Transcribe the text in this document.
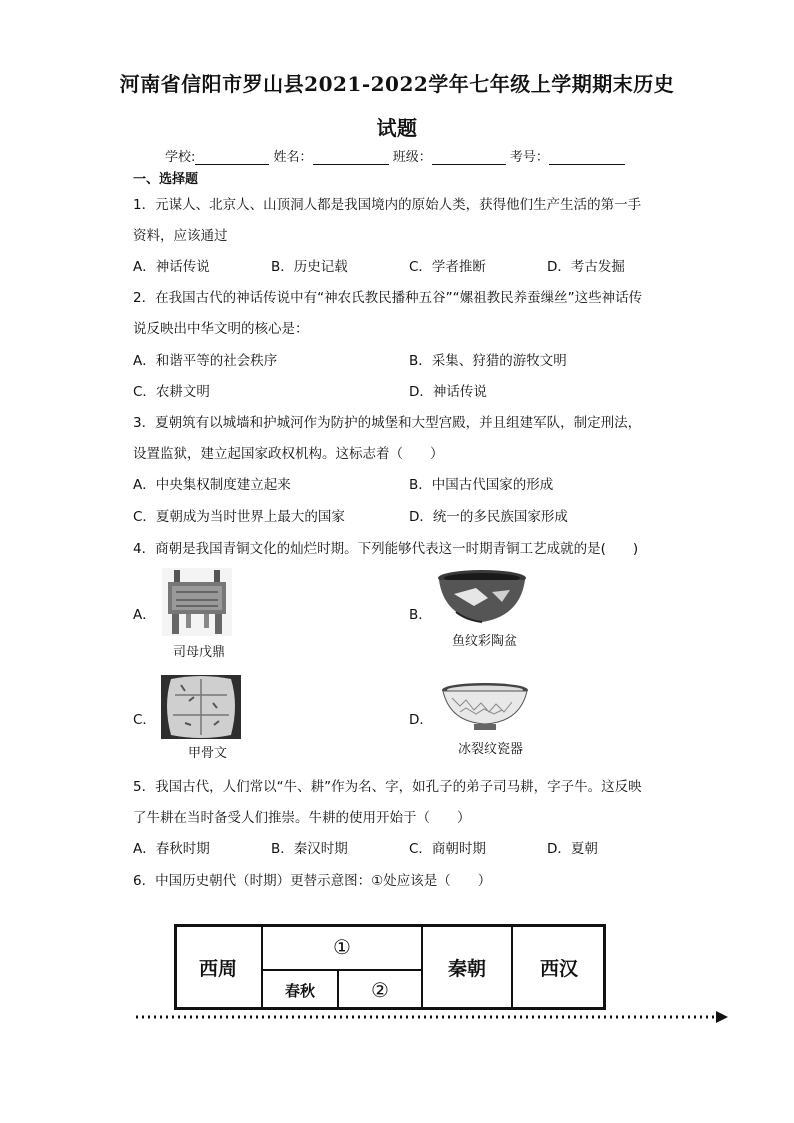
河南省信阳市罗山县2021-2022学年七年级上学期期末历史
试题
学校:	姓名：	班级：	考号：
一、选择题
1．元谋人、北京人、山顶洞人都是我国境内的原始人类，获得他们生产生活的第一手
资料，应该通过
A．神话传说	B．历史记载	C．学者推断	D．考古发掘
2．在我国古代的神话传说中有“神农氏教民播种五谷”“嫘祖教民养蚕缫丝”这些神话传
说反映出中华文明的核心是：
A．和谐平等的社会秩序	B．采集、狩猎的游牧文明
C．农耕文明	D．神话传说
3．夏朝筑有以城墙和护城河作为防护的城堡和大型宫殿，并且组建军队，制定刑法，
设置监狱，建立起国家政权机构。这标志着（　　）
A．中央集权制度建立起来	B．中国古代国家的形成
C．夏朝成为当时世界上最大的国家	D．统一的多民族国家形成
4．商朝是我国青铜文化的灿烂时期。下列能够代表这一时期青铜工艺成就的是(　　)
A．
司母戊鼎
B．
鱼纹彩陶盆
C．
甲骨文
D．
冰裂纹瓷器
5．我国古代，人们常以“牛、耕”作为名、字，如孔子的弟子司马耕，字子牛。这反映
了牛耕在当时备受人们推崇。牛耕的使用开始于（　　）
A．春秋时期	B．秦汉时期	C．商朝时期	D．夏朝
6．中国历史朝代（时期）更替示意图：①处应该是（　　）
西周
①
春秋	②
秦朝	西汉
